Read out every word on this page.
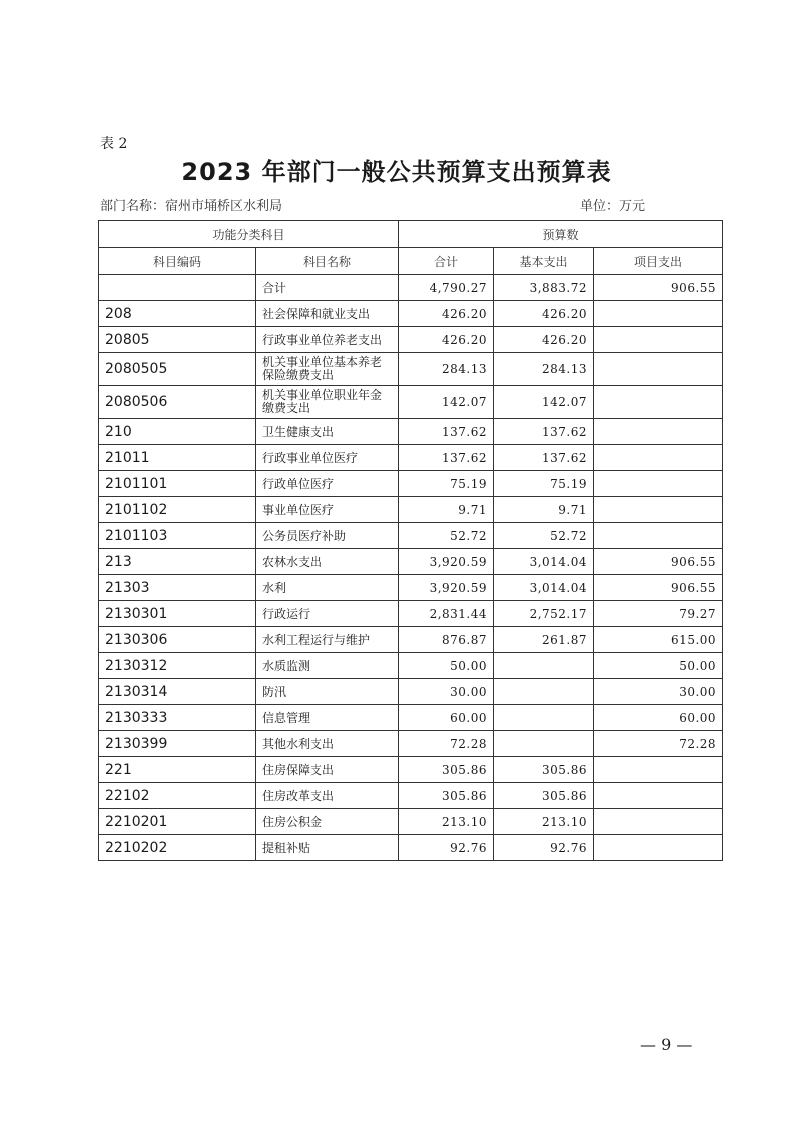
表 2
2023 年部门一般公共预算支出预算表
部门名称：宿州市埇桥区水利局	单位：万元
功能分类科目		预算数		
科目编码	科目名称	合计	基本支出	项目支出
	合计	4,790.27	3,883.72	906.55
208	社会保障和就业支出	426.20	426.20	
20805	行政事业单位养老支出	426.20	426.20	
2080505	机关事业单位基本养老保险缴费支出	284.13	284.13	
2080506	机关事业单位职业年金缴费支出	142.07	142.07	
210	卫生健康支出	137.62	137.62	
21011	行政事业单位医疗	137.62	137.62	
2101101	行政单位医疗	75.19	75.19	
2101102	事业单位医疗	9.71	9.71	
2101103	公务员医疗补助	52.72	52.72	
213	农林水支出	3,920.59	3,014.04	906.55
21303	水利	3,920.59	3,014.04	906.55
2130301	行政运行	2,831.44	2,752.17	79.27
2130306	水利工程运行与维护	876.87	261.87	615.00
2130312	水质监测	50.00		50.00
2130314	防汛	30.00		30.00
2130333	信息管理	60.00		60.00
2130399	其他水利支出	72.28		72.28
221	住房保障支出	305.86	305.86	
22102	住房改革支出	305.86	305.86	
2210201	住房公积金	213.10	213.10	
2210202	提租补贴	92.76	92.76	
— 9 —
